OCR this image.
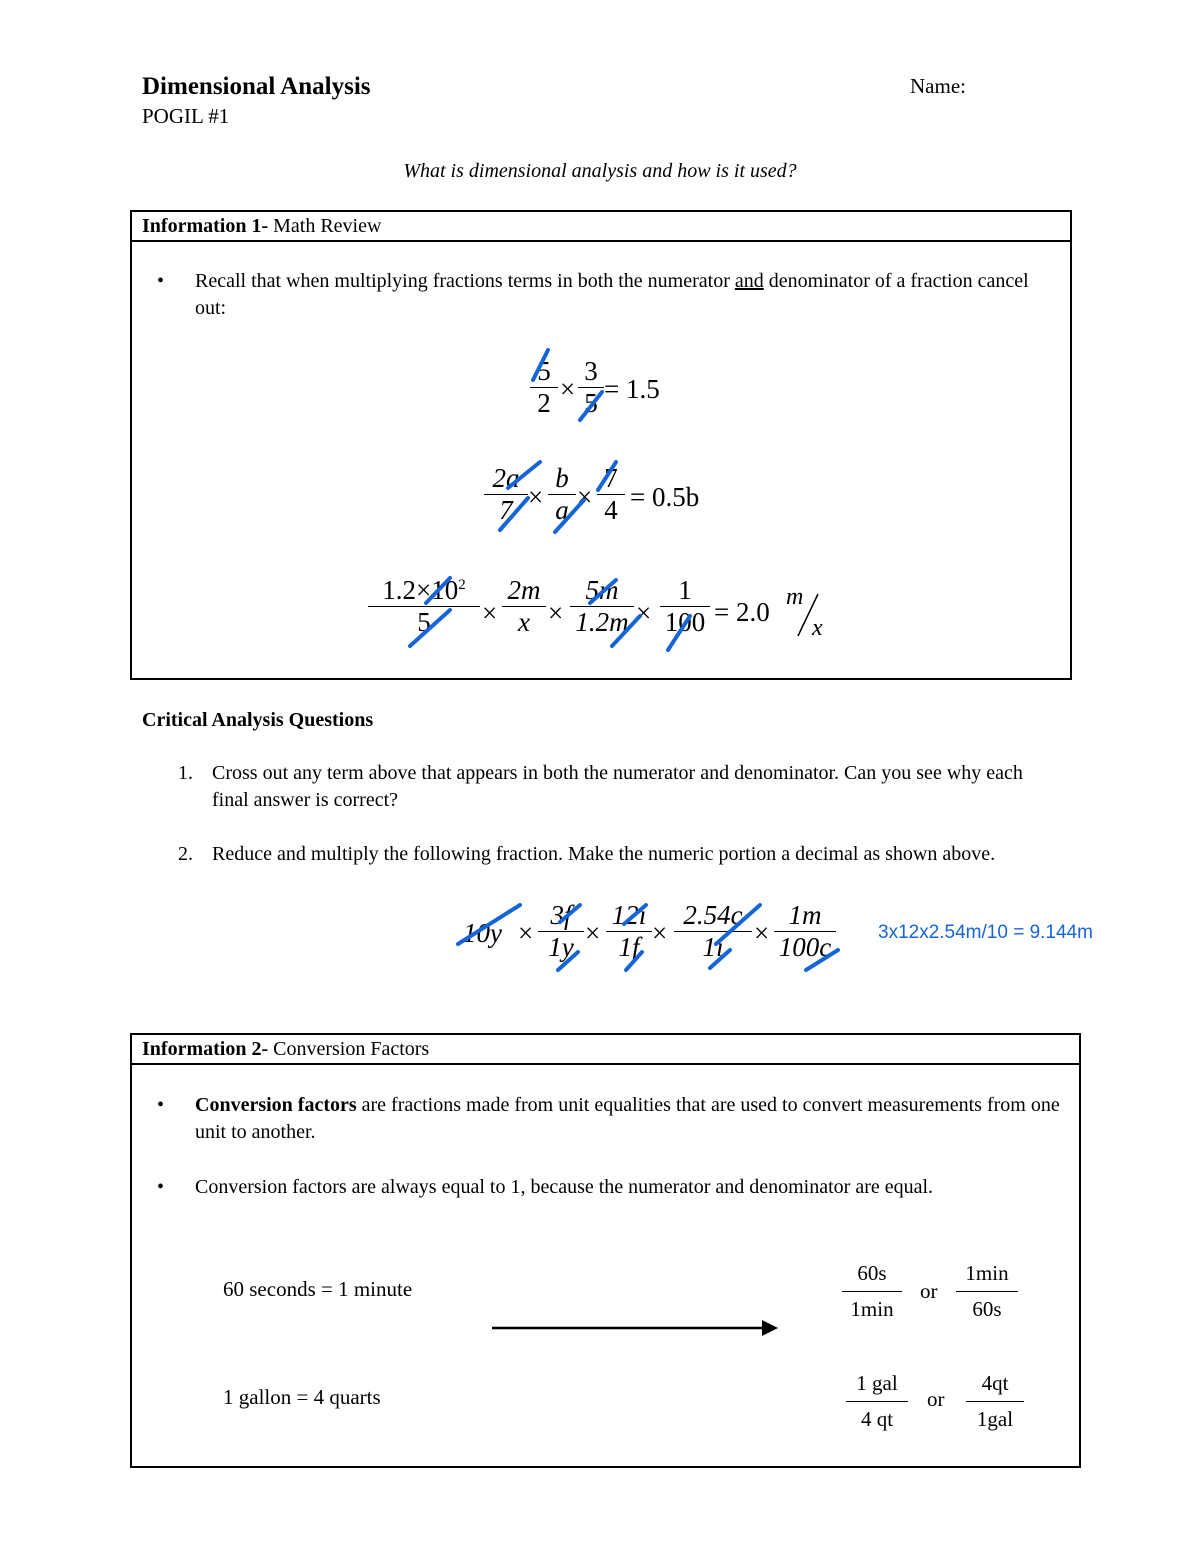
Dimensional Analysis
POGIL #1
Name:
What is dimensional analysis and how is it used?
Information 1- Math Review
• Recall that when multiplying fractions terms in both the numerator and denominator of a fraction cancel out:
5
2 ×
3
5 = 1.5
2a
7 ×
b
a ×
7
4 = 0.5b
$1.2\times 10^2$
5	×
2m
x ×
5m
1.2m ×
1
100 = 2.0 m
x
Critical Analysis Questions
1. Cross out any term above that appears in both the numerator and denominator. Can you see why each final answer is correct?
2. Reduce and multiply the following fraction. Make the numeric portion a decimal as shown above.
10y ×
3f
1y ×
12i
1f ×
2.54c
1i	×
1m
100c 3x12x2.54m/10 = 9.144m
Information 2- Conversion Factors
• Conversion factors are fractions made from unit equalities that are used to convert measurements from one unit to another.
• Conversion factors are always equal to 1, because the numerator and denominator are equal.
60 seconds = 1 minute
1 gallon = 4 quarts
60s
1min
or
1min
60s
1 gal
4 qt
or
4qt
1gal
